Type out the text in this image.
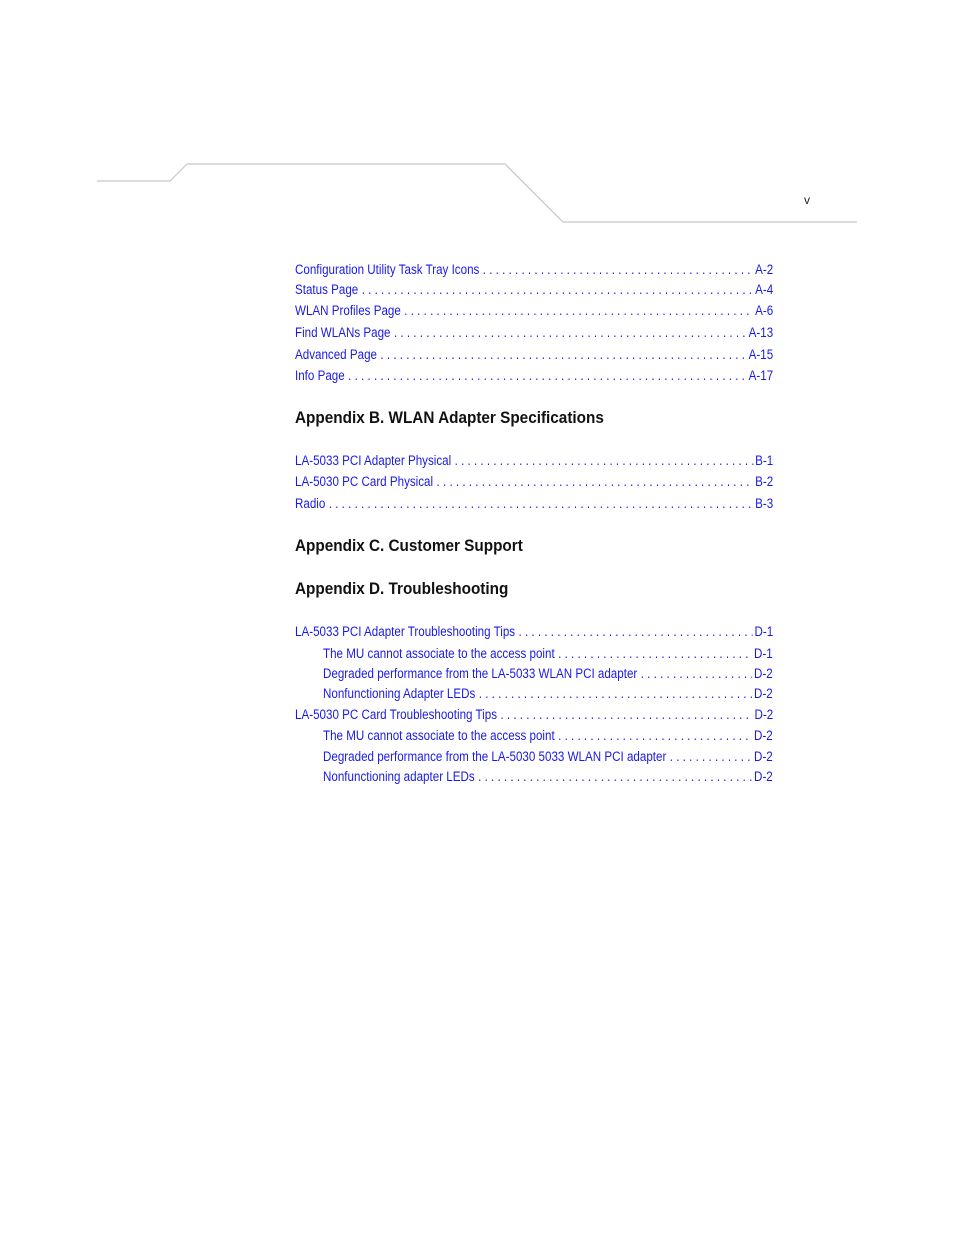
v
Configuration Utility Task Tray Icons . . .	A-2
Status Page . . .	A-4
WLAN Profiles Page . . .	A-6
Find WLANs Page . . .	A-13
Advanced Page . . .	A-15
Info Page . . .	A-17
Appendix B. WLAN Adapter Specifications
LA-5033 PCI Adapter Physical . . .	B-1
LA-5030 PC Card Physical . . .	B-2
Radio . . .	B-3
Appendix C. Customer Support
Appendix D. Troubleshooting
LA-5033 PCI Adapter Troubleshooting Tips . . .	D-1
The MU cannot associate to the access point . . .	D-1
Degraded performance from the LA-5033 WLAN PCI adapter . . .	D-2
Nonfunctioning Adapter LEDs . . .	D-2
LA-5030 PC Card Troubleshooting Tips . . .	D-2
The MU cannot associate to the access point . . .	D-2
Degraded performance from the LA-5030 5033 WLAN PCI adapter . . .	D-2
Nonfunctioning adapter LEDs . . .	D-2
